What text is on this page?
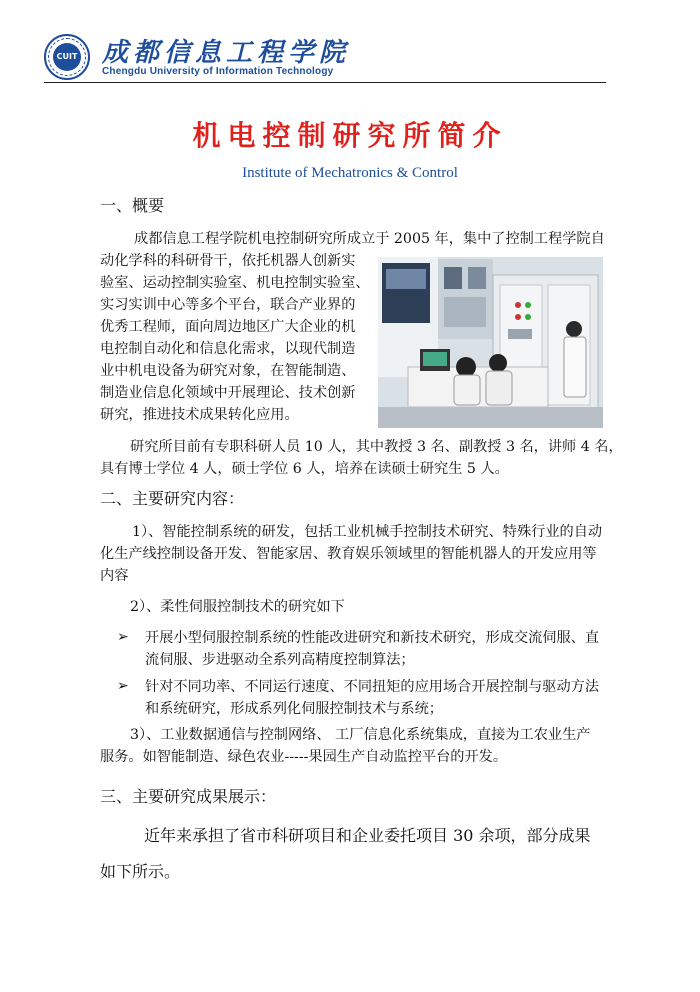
CUIT 成都信息工程学院
Chengdu University of Information Technology
机电控制研究所简介
Institute of Mechatronics & Control
一、概要
成都信息工程学院机电控制研究所成立于 2005 年，集中了控制工程学院自
动化学科的科研骨干，依托机器人创新实
验室、运动控制实验室、机电控制实验室、
实习实训中心等多个平台，联合产业界的
优秀工程师，面向周边地区广大企业的机
电控制自动化和信息化需求，以现代制造
业中机电设备为研究对象，在智能制造、
制造业信息化领域中开展理论、技术创新
研究，推进技术成果转化应用。
研究所目前有专职科研人员 10 人，其中教授 3 名、副教授 3 名，讲师 4 名，
具有博士学位 4 人，硕士学位 6 人，培养在读硕士研究生 5 人。
二、主要研究内容：
1）、智能控制系统的研发，包括工业机械手控制技术研究、特殊行业的自动
化生产线控制设备开发、智能家居、教育娱乐领域里的智能机器人的开发应用等
内容
2）、柔性伺服控制技术的研究如下
➢ 开展小型伺服控制系统的性能改进研究和新技术研究，形成交流伺服、直
流伺服、步进驱动全系列高精度控制算法；
➢ 针对不同功率、不同运行速度、不同扭矩的应用场合开展控制与驱动方法
和系统研究，形成系列化伺服控制技术与系统；
3）、工业数据通信与控制网络、 工厂信息化系统集成，直接为工农业生产
服务。如智能制造、绿色农业-----果园生产自动监控平台的开发。
三、主要研究成果展示：
近年来承担了省市科研项目和企业委托项目 30 余项，部分成果
如下所示。
